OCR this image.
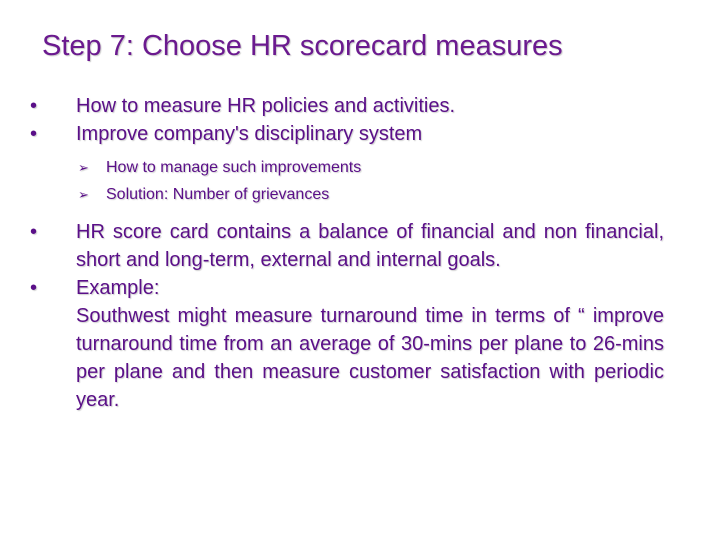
Step 7: Choose HR scorecard measures
•	How to measure HR policies and activities.
•	Improve company's disciplinary system
➢	How to manage such improvements
➢	Solution: Number of grievances
•	HR score card contains a balance of financial and non financial, short and long-term, external and internal goals.
•	Example:
Southwest might measure turnaround time in terms of “ improve turnaround time from an average of 30-mins per plane to 26-mins per plane and then measure customer satisfaction with periodic year.
